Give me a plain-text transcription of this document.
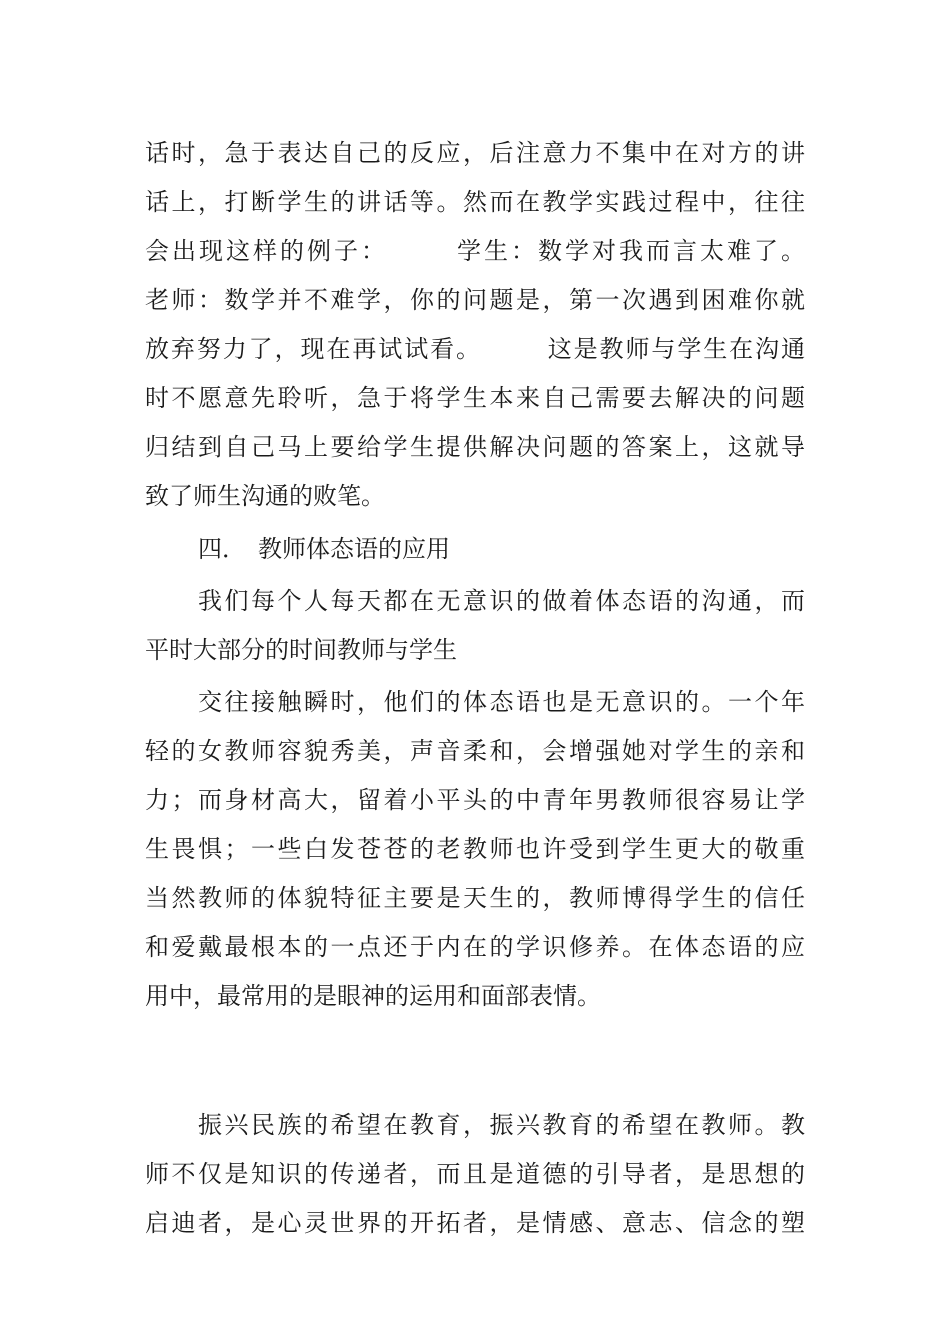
话时，急于表达自己的反应，后注意力不集中在对方的讲
话上，打断学生的讲话等。然而在教学实践过程中，往往
会出现这样的例子：　　　学生：数学对我而言太难了。
老师：数学并不难学，你的问题是，第一次遇到困难你就
放弃努力了，现在再试试看。　　　这是教师与学生在沟通
时不愿意先聆听，急于将学生本来自己需要去解决的问题
归结到自己马上要给学生提供解决问题的答案上，这就导
致了师生沟通的败笔。
四．　教师体态语的应用
我们每个人每天都在无意识的做着体态语的沟通，而
平时大部分的时间教师与学生
交往接触瞬时，他们的体态语也是无意识的。一个年
轻的女教师容貌秀美，声音柔和，会增强她对学生的亲和
力；而身材高大，留着小平头的中青年男教师很容易让学
生畏惧；一些白发苍苍的老教师也许受到学生更大的敬重
当然教师的体貌特征主要是天生的，教师博得学生的信任
和爱戴最根本的一点还于内在的学识修养。在体态语的应
用中，最常用的是眼神的运用和面部表情。
振兴民族的希望在教育，振兴教育的希望在教师。教
师不仅是知识的传递者，而且是道德的引导者，是思想的
启迪者，是心灵世界的开拓者，是情感、意志、信念的塑
